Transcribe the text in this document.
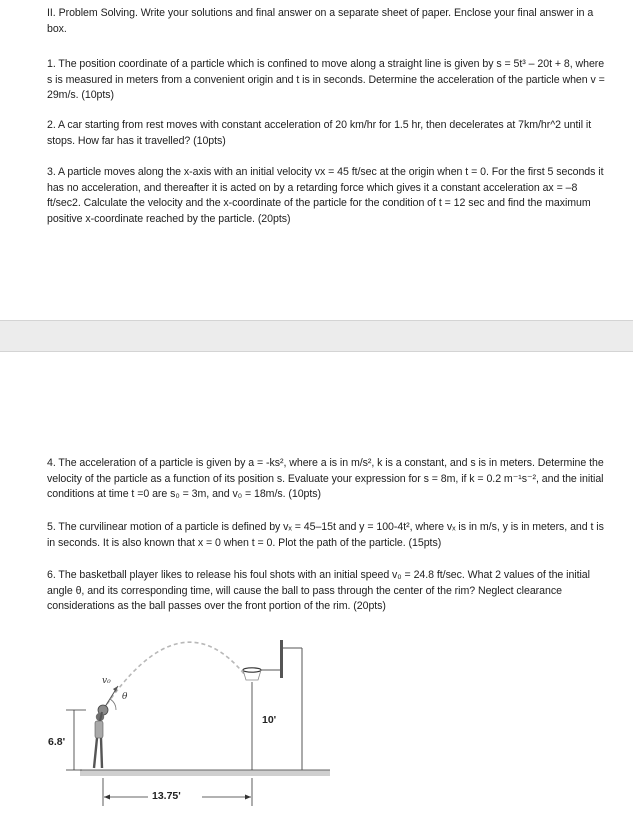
II. Problem Solving. Write your solutions and final answer on a separate sheet of paper. Enclose your final answer in a box.

1. The position coordinate of a particle which is confined to move along a straight line is given by s = 5t³ – 20t + 8, where s is measured in meters from a convenient origin and t is in seconds. Determine the acceleration of the particle when v = 29m/s. (10pts)

2. A car starting from rest moves with constant acceleration of 20 km/hr for 1.5 hr, then decelerates at 7km/hr^2 until it stops. How far has it travelled? (10pts)

3. A particle moves along the x-axis with an initial velocity vx = 45 ft/sec at the origin when t = 0. For the first 5 seconds it has no acceleration, and thereafter it is acted on by a retarding force which gives it a constant acceleration ax = –8 ft/sec2. Calculate the velocity and the x-coordinate of the particle for the condition of t = 12 sec and find the maximum positive x-coordinate reached by the particle. (20pts)

4. The acceleration of a particle is given by a = -ks², where a is in m/s², k is a constant, and s is in meters. Determine the velocity of the particle as a function of its position s. Evaluate your expression for s = 8m, if k = 0.2 m⁻¹s⁻², and the initial conditions at time t =0 are s₀ = 3m, and v₀ = 18m/s. (10pts)

5. The curvilinear motion of a particle is defined by vₓ = 45–15t and y = 100-4t², where vₓ is in m/s, y is in meters, and t is in seconds. It is also known that x = 0 when t = 0. Plot the path of the particle. (15pts)

6. The basketball player likes to release his foul shots with an initial speed v₀ = 24.8 ft/sec. What 2 values of the initial angle θ, and its corresponding time, will cause the ball to pass through the center of the rim? Neglect clearance considerations as the ball passes over the front portion of the rim. (20pts)

v₀
θ
6.8'
10'
13.75'
